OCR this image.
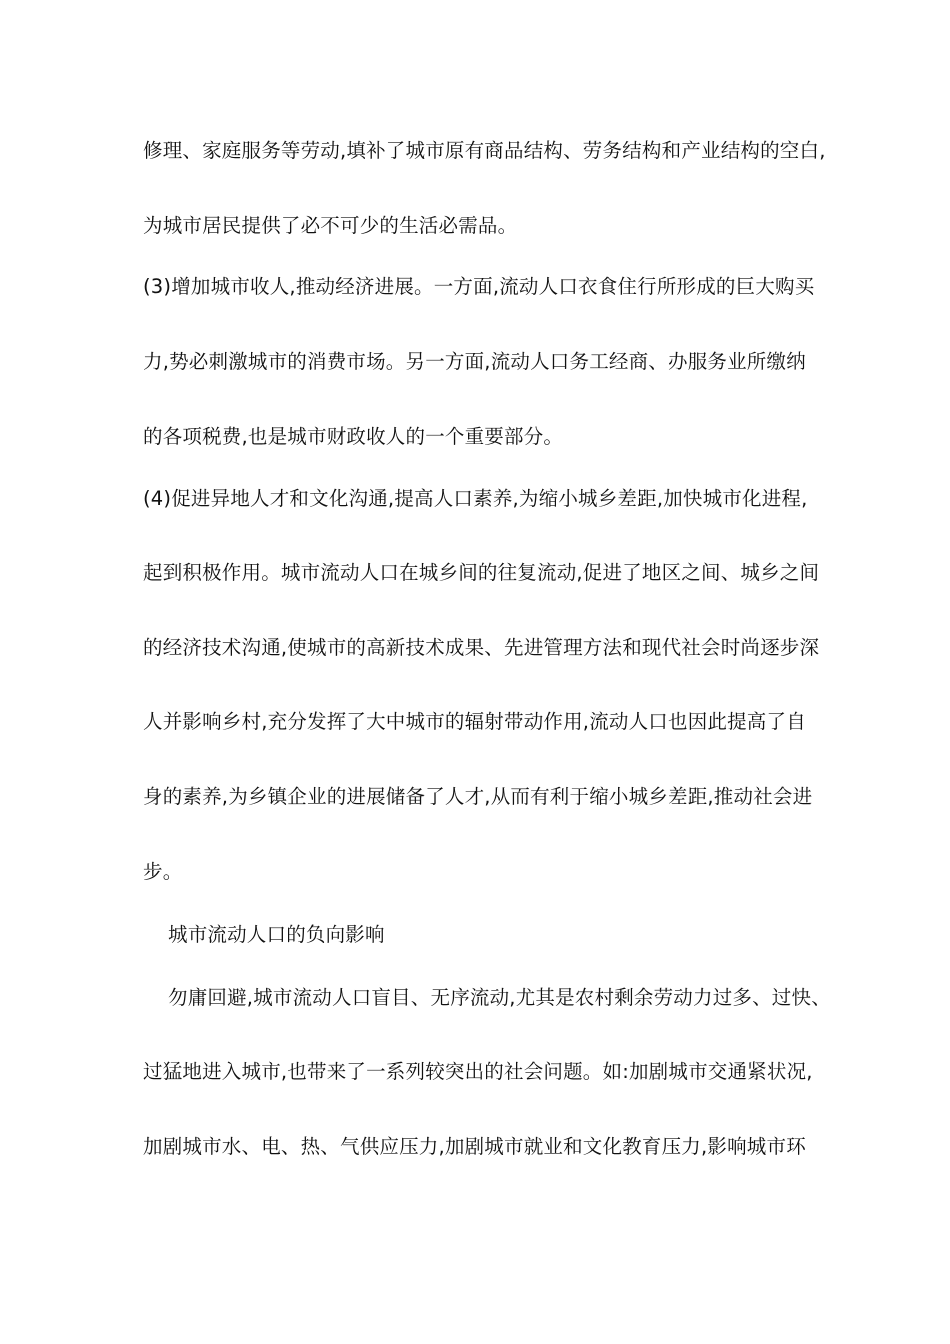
修理、家庭服务等劳动,填补了城市原有商品结构、劳务结构和产业结构的空白,
为城市居民提供了必不可少的生活必需品。
(3)增加城市收人,推动经济进展。一方面,流动人口衣食住行所形成的巨大购买
力,势必刺激城市的消费市场。另一方面,流动人口务工经商、办服务业所缴纳
的各项税费,也是城市财政收人的一个重要部分。
(4)促进异地人才和文化沟通,提高人口素养,为缩小城乡差距,加快城市化进程,
起到积极作用。城市流动人口在城乡间的往复流动,促进了地区之间、城乡之间
的经济技术沟通,使城市的高新技术成果、先进管理方法和现代社会时尚逐步深
人并影响乡村,充分发挥了大中城市的辐射带动作用,流动人口也因此提高了自
身的素养,为乡镇企业的进展储备了人才,从而有利于缩小城乡差距,推动社会进
步。
城市流动人口的负向影响
勿庸回避,城市流动人口盲目、无序流动,尤其是农村剩余劳动力过多、过快、
过猛地进入城市,也带来了一系列较突出的社会问题。如:加剧城市交通紧状况,
加剧城市水、电、热、气供应压力,加剧城市就业和文化教育压力,影响城市环
